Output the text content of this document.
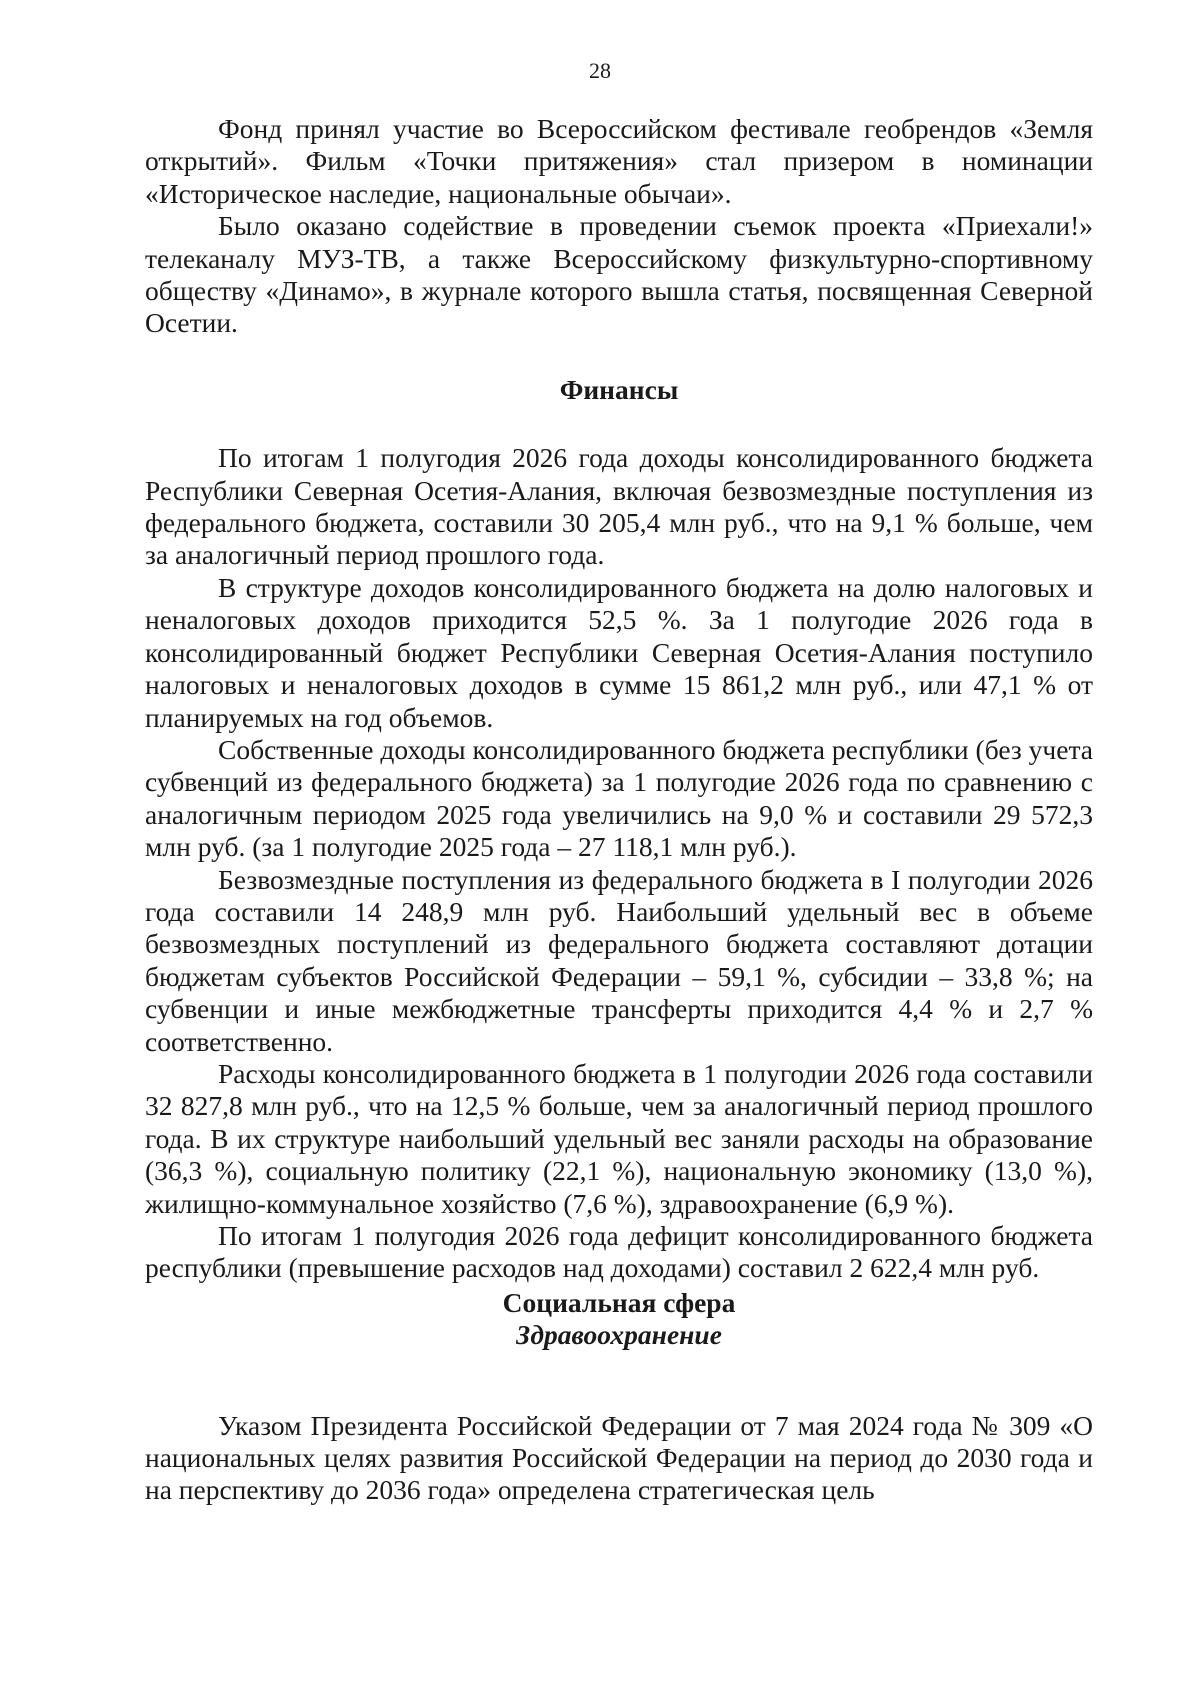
28

Фонд принял участие во Всероссийском фестивале геобрендов «Земля открытий». Фильм «Точки притяжения» стал призером в номинации «Историческое наследие, национальные обычаи».

Было оказано содействие в проведении съемок проекта «Приехали!» телеканалу МУЗ-ТВ, а также Всероссийскому физкультурно-спортивному обществу «Динамо», в журнале которого вышла статья, посвященная Северной Осетии.

Финансы

По итогам 1 полугодия 2026 года доходы консолидированного бюджета Республики Северная Осетия-Алания, включая безвозмездные поступления из федерального бюджета, составили 30 205,4 млн руб., что на 9,1 % больше, чем за аналогичный период прошлого года.

В структуре доходов консолидированного бюджета на долю налоговых и неналоговых доходов приходится 52,5 %. За 1 полугодие 2026 года в консолидированный бюджет Республики Северная Осетия-Алания поступило налоговых и неналоговых доходов в сумме 15 861,2 млн руб., или 47,1 % от планируемых на год объемов.

Собственные доходы консолидированного бюджета республики (без учета субвенций из федерального бюджета) за 1 полугодие 2026 года по сравнению с аналогичным периодом 2025 года увеличились на 9,0 % и составили 29 572,3 млн руб. (за 1 полугодие 2025 года – 27 118,1 млн руб.).

Безвозмездные поступления из федерального бюджета в I полугодии 2026 года составили 14 248,9 млн руб. Наибольший удельный вес в объеме безвозмездных поступлений из федерального бюджета составляют дотации бюджетам субъектов Российской Федерации – 59,1 %, субсидии – 33,8 %; на субвенции и иные межбюджетные трансферты приходится 4,4 % и 2,7 % соответственно.

Расходы консолидированного бюджета в 1 полугодии 2026 года составили 32 827,8 млн руб., что на 12,5 % больше, чем за аналогичный период прошлого года. В их структуре наибольший удельный вес заняли расходы на образование (36,3 %), социальную политику (22,1 %), национальную экономику (13,0 %), жилищно-коммунальное хозяйство (7,6 %), здравоохранение (6,9 %).

По итогам 1 полугодия 2026 года дефицит консолидированного бюджета республики (превышение расходов над доходами) составил 2 622,4 млн руб.

Социальная сфера

Здравоохранение

Указом Президента Российской Федерации от 7 мая 2024 года № 309 «О национальных целях развития Российской Федерации на период до 2030 года и на перспективу до 2036 года» определена стратегическая цель
